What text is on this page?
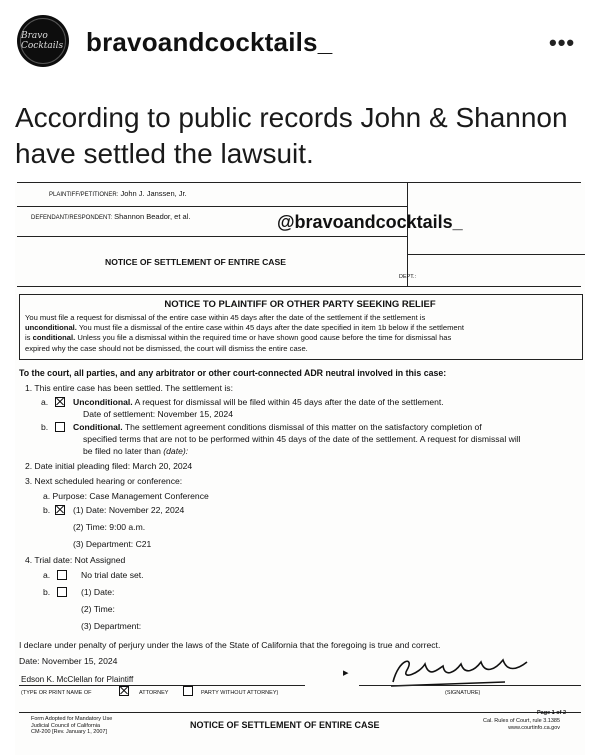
Bravo Cocktails bravoandcocktails_	•••
According to public records John & Shannon have settled the lawsuit.
PLAINTIFF/PETITIONER: John J. Janssen, Jr.
DEFENDANT/RESPONDENT: Shannon Beador, et al.	@bravoandcocktails_
NOTICE OF SETTLEMENT OF ENTIRE CASE
DEPT.:
NOTICE TO PLAINTIFF OR OTHER PARTY SEEKING RELIEF
You must file a request for dismissal of the entire case within 45 days after the date of the settlement if the settlement is
unconditional. You must file a dismissal of the entire case within 45 days after the date specified in item 1b below if the settlement
is conditional. Unless you file a dismissal within the required time or have shown good cause before the time for dismissal has
expired why the case should not be dismissed, the court will dismiss the entire case.
To the court, all parties, and any arbitrator or other court-connected ADR neutral involved in this case:
1. This entire case has been settled. The settlement is:
a.	Unconditional. A request for dismissal will be filed within 45 days after the date of the settlement.
Date of settlement: November 15, 2024
b.	Conditional. The settlement agreement conditions dismissal of this matter on the satisfactory completion of
specified terms that are not to be performed within 45 days of the date of the settlement. A request for dismissal will
be filed no later than (date):
2. Date initial pleading filed: March 20, 2024
3. Next scheduled hearing or conference:
a. Purpose: Case Management Conference
b.	(1) Date: November 22, 2024
(2) Time: 9:00 a.m.
(3) Department: C21
4. Trial date: Not Assigned
a.	No trial date set.
b.	(1) Date:
(2) Time:
(3) Department:
I declare under penalty of perjury under the laws of the State of California that the foregoing is true and correct.
Date: November 15, 2024
Edson K. McClellan for Plaintiff
(TYPE OR PRINT NAME OF	ATTORNEY	PARTY WITHOUT ATTORNEY)
▸
(SIGNATURE)
Form Adopted for Mandatory Use
Judicial Council of California
CM-200 [Rev. January 1, 2007]
NOTICE OF SETTLEMENT OF ENTIRE CASE
Page 1 of 2
Cal. Rules of Court, rule 3.1385
www.courtinfo.ca.gov
